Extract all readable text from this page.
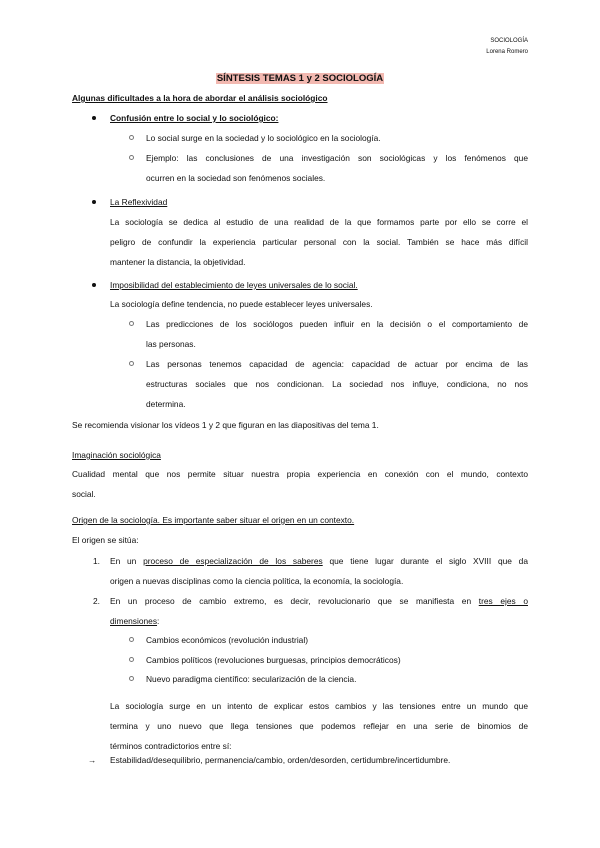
SOCIOLOGÍA
Lorena Romero
SÍNTESIS TEMAS 1 y 2 SOCIOLOGÍA
Algunas dificultades a la hora de abordar el análisis sociológico
Confusión entre lo social y lo sociológico:
Lo social surge en la sociedad y lo sociológico en la sociología.
Ejemplo: las conclusiones de una investigación son sociológicas y los fenómenos que
ocurren en la sociedad son fenómenos sociales.
La Reflexividad
La sociología se dedica al estudio de una realidad de la que formamos parte por ello se corre el
peligro de confundir la experiencia particular personal con la social. También se hace más difícil
mantener la distancia, la objetividad.
Imposibilidad del establecimiento de leyes universales de lo social.
La sociología define tendencia, no puede establecer leyes universales.
Las predicciones de los sociólogos pueden influir en la decisión o el comportamiento de
las personas.
Las personas tenemos capacidad de agencia: capacidad de actuar por encima de las
estructuras sociales que nos condicionan. La sociedad nos influye, condiciona, no nos
determina.
Se recomienda visionar los vídeos 1 y 2 que figuran en las diapositivas del tema 1.
Imaginación sociológica
Cualidad mental que nos permite situar nuestra propia experiencia en conexión con el mundo, contexto
social.
Origen de la sociología. Es importante saber situar el origen en un contexto.
El origen se sitúa:
1. En un proceso de especialización de los saberes que tiene lugar durante el siglo XVIII que da
origen a nuevas disciplinas como la ciencia política, la economía, la sociología.
2. En un proceso de cambio extremo, es decir, revolucionario que se manifiesta en tres ejes o
dimensiones:
Cambios económicos (revolución industrial)
Cambios políticos (revoluciones burguesas, principios democráticos)
Nuevo paradigma científico: secularización de la ciencia.
La sociología surge en un intento de explicar estos cambios y las tensiones entre un mundo que
termina y uno nuevo que llega tensiones que podemos reflejar en una serie de binomios de
términos contradictorios entre sí:
→ Estabilidad/desequilibrio, permanencia/cambio, orden/desorden, certidumbre/incertidumbre.
